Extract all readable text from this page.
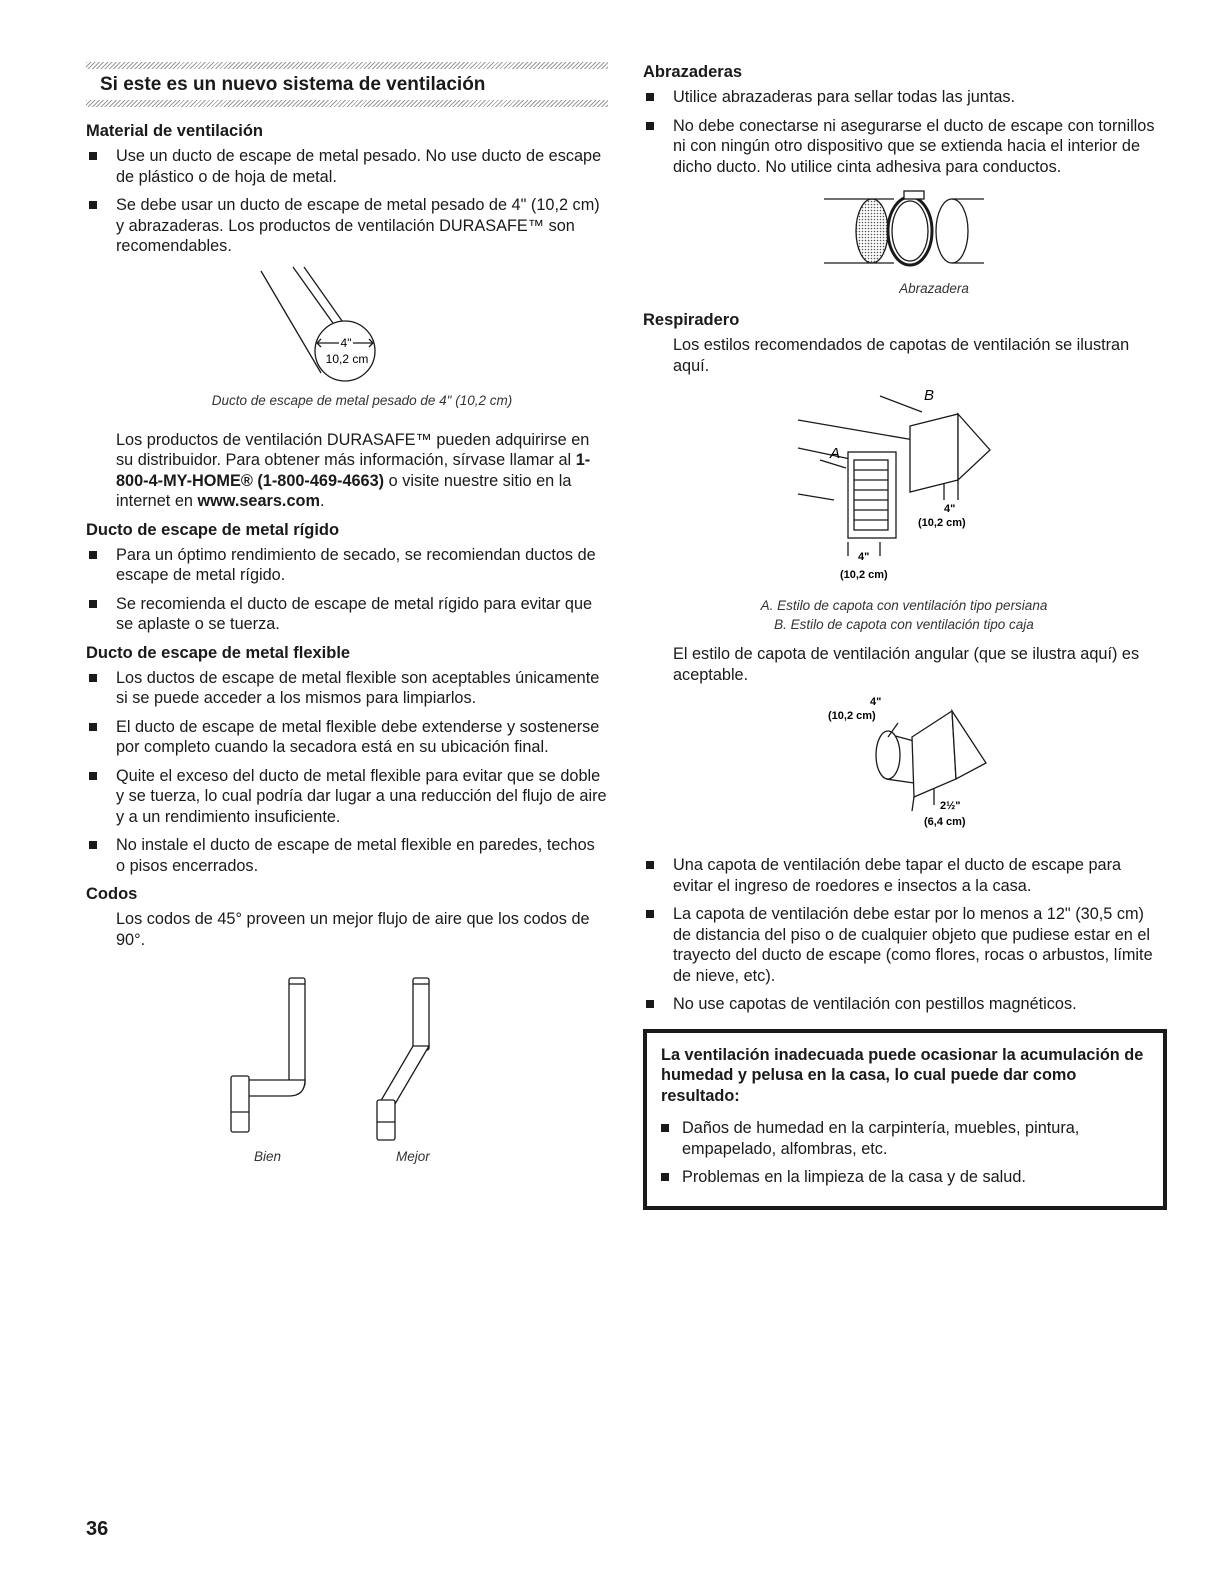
Si este es un nuevo sistema de ventilación
Material de ventilación
Use un ducto de escape de metal pesado. No use ducto de escape de plástico o de hoja de metal.
Se debe usar un ducto de escape de metal pesado de 4" (10,2 cm) y abrazaderas. Los productos de ventilación DURASAFE™ son recomendables.
4"
10,2 cm
Ducto de escape de metal pesado de 4" (10,2 cm)

Los productos de ventilación DURASAFE™ pueden adquirirse en su distribuidor. Para obtener más información, sírvase llamar al 1-800-4-MY-HOME® (1-800-469-4663) o visite nuestre sitio en la internet en www.sears.com.

Ducto de escape de metal rígido
Para un óptimo rendimiento de secado, se recomiendan ductos de escape de metal rígido.
Se recomienda el ducto de escape de metal rígido para evitar que se aplaste o se tuerza.
Ducto de escape de metal flexible
Los ductos de escape de metal flexible son aceptables únicamente si se puede acceder a los mismos para limpiarlos.
El ducto de escape de metal flexible debe extenderse y sostenerse por completo cuando la secadora está en su ubicación final.
Quite el exceso del ducto de metal flexible para evitar que se doble y se tuerza, lo cual podría dar lugar a una reducción del flujo de aire y a un rendimiento insuficiente.
No instale el ducto de escape de metal flexible en paredes, techos o pisos encerrados.
Codos

Los codos de 45° proveen un mejor flujo de aire que los codos de 90°.

Bien	Mejor
Abrazaderas
Utilice abrazaderas para sellar todas las juntas.
No debe conectarse ni asegurarse el ducto de escape con tornillos ni con ningún otro dispositivo que se extienda hacia el interior de dicho ducto. No utilice cinta adhesiva para conductos.
Abrazadera
Respiradero

Los estilos recomendados de capotas de ventilación se ilustran aquí.

B
A
4"
(10,2 cm)
4"
(10,2 cm)
A. Estilo de capota con ventilación tipo persiana
B. Estilo de capota con ventilación tipo caja

El estilo de capota de ventilación angular (que se ilustra aquí) es aceptable.

4"
(10,2 cm)
2½"
(6,4 cm)
Una capota de ventilación debe tapar el ducto de escape para evitar el ingreso de roedores e insectos a la casa.
La capota de ventilación debe estar por lo menos a 12" (30,5 cm) de distancia del piso o de cualquier objeto que pudiese estar en el trayecto del ducto de escape (como flores, rocas o arbustos, límite de nieve, etc).
No use capotas de ventilación con pestillos magnéticos.
La ventilación inadecuada puede ocasionar la acumulación de humedad y pelusa en la casa, lo cual puede dar como resultado:
Daños de humedad en la carpintería, muebles, pintura, empapelado, alfombras, etc.
Problemas en la limpieza de la casa y de salud.
36
